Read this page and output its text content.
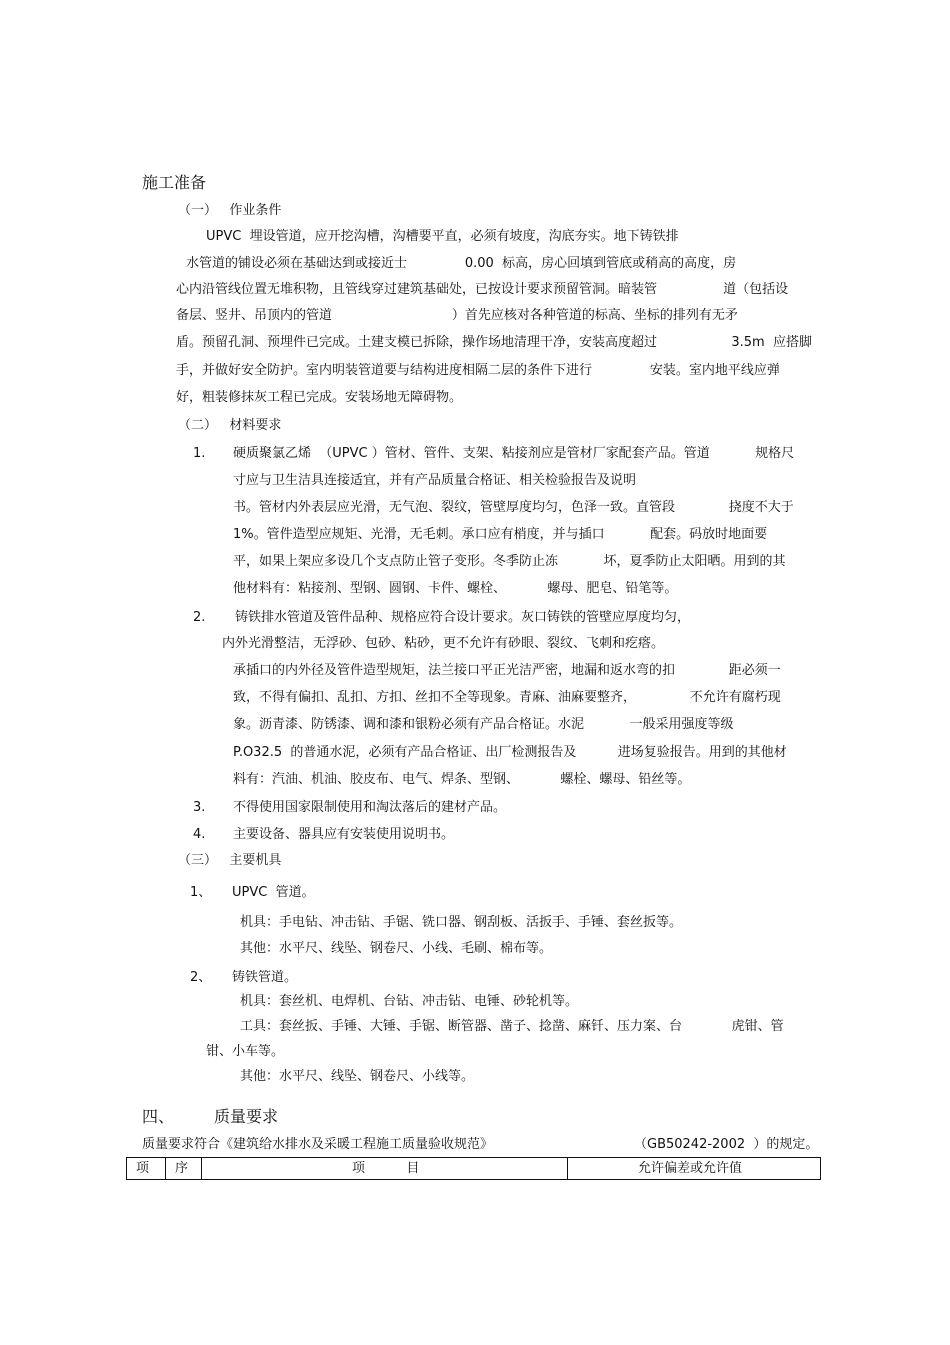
施工准备
（一）   作业条件
UPVC  埋设管道，应开挖沟槽，沟槽要平直，必须有坡度，沟底夯实。地下铸铁排
水管道的铺设必须在基础达到或接近士              0.00  标高，房心回填到管底或稍高的高度，房
心内沿管线位置无堆积物，且管线穿过建筑基础处，已按设计要求预留管洞。暗装管                道（包括设
备层、竖井、吊顶内的管道                             ）首先应核对各种管道的标高、坐标的排列有无矛
盾。预留孔洞、预埋件已完成。土建支模已拆除，操作场地清理干净，安装高度超过                  3.5m  应搭脚
手，并做好安全防护。室内明装管道要与结构进度相隔二层的条件下进行              安装。室内地平线应弹
好，粗装修抹灰工程已完成。安装场地无障碍物。
（二）   材料要求
1. 硬质聚氯乙烯  （UPVC ）管材、管件、支架、粘接剂应是管材厂家配套产品。管道           规格尺
寸应与卫生洁具连接适宜，并有产品质量合格证、相关检验报告及说明
书。管材内外表层应光滑，无气泡、裂纹，管壁厚度均匀，色泽一致。直管段             挠度不大于
1%。管件造型应规矩、光滑，无毛刺。承口应有梢度，并与插口           配套。码放时地面要
平，如果上架应多设几个支点防止管子变形。冬季防止冻           坏，夏季防止太阳晒。用到的其
他材料有：粘接剂、型钢、圆钢、卡件、螺栓、          螺母、肥皂、铅笔等。
2. 铸铁排水管道及管件品种、规格应符合设计要求。灰口铸铁的管壁应厚度均匀，
内外光滑整洁，无浮砂、包砂、粘砂，更不允许有砂眼、裂纹、飞刺和疙瘩。
承插口的内外径及管件造型规矩，法兰接口平正光洁严密，地漏和返水弯的扣             距必须一
致，不得有偏扣、乱扣、方扣、丝扣不全等现象。青麻、油麻要整齐，             不允许有腐朽现
象。沥青漆、防锈漆、调和漆和银粉必须有产品合格证。水泥           一般采用强度等级
P.O32.5  的普通水泥，必须有产品合格证、出厂检测报告及          进场复验报告。用到的其他材
料有：汽油、机油、胶皮布、电气、焊条、型钢、          螺栓、螺母、铅丝等。
3. 不得使用国家限制使用和淘汰落后的建材产品。
4. 主要设备、器具应有安装使用说明书。
（三）   主要机具
1、 UPVC  管道。
机具：手电钻、冲击钻、手锯、铣口器、钢刮板、活扳手、手锤、套丝扳等。
其他：水平尺、线坠、钢卷尺、小线、毛刷、棉布等。
2、 铸铁管道。
机具：套丝机、电焊机、台钻、冲击钻、电锤、砂轮机等。
工具：套丝扳、手锤、大锤、手锯、断管器、凿子、捻凿、麻钎、压力案、台            虎钳、管
钳、小车等。
其他：水平尺、线坠、钢卷尺、小线等。
四、 质量要求
质量要求符合《建筑给水排水及采暖工程施工质量验收规范》	（GB50242-2002  ）的规定。
项	序	项          目	允许偏差或允许值
